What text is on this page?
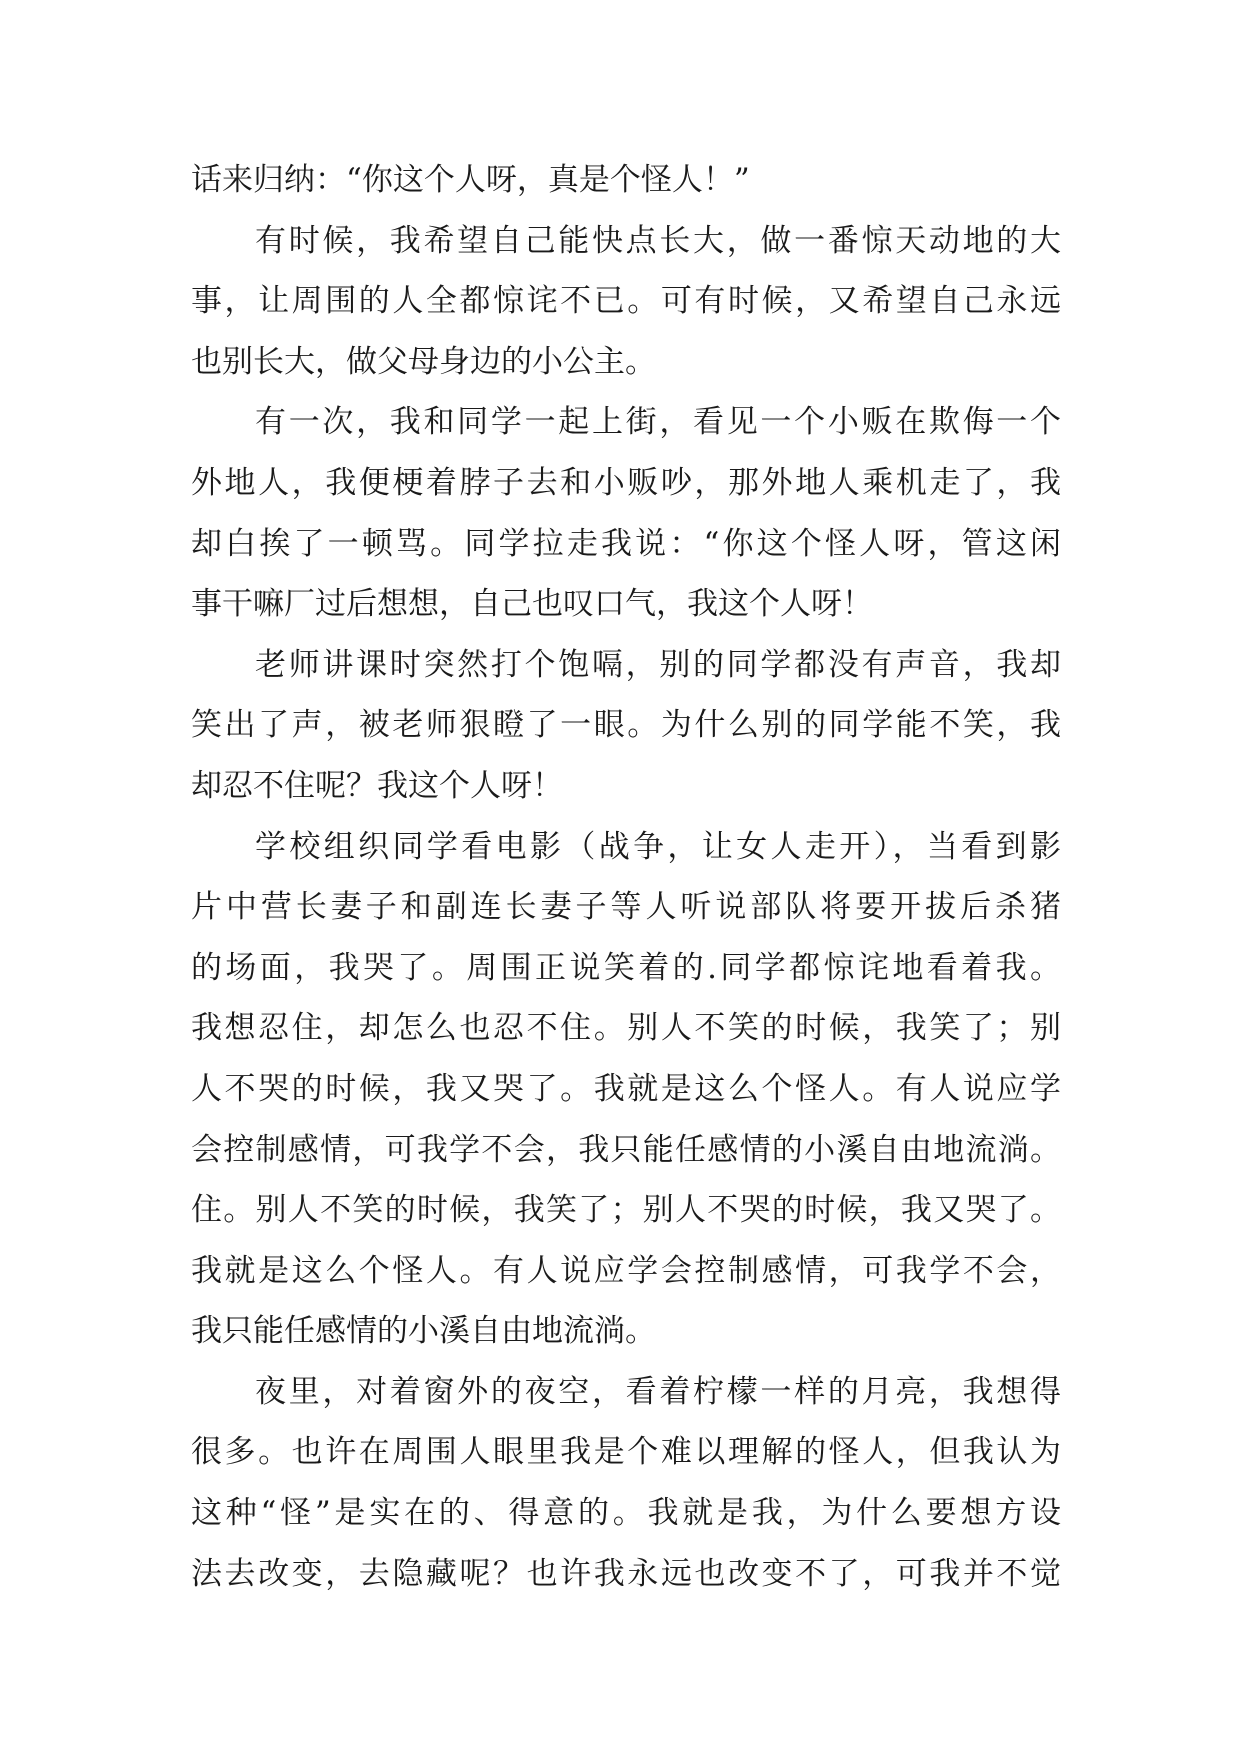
话来归纳：“你这个人呀，真是个怪人！”
有时候，我希望自己能快点长大，做一番惊天动地的大
事，让周围的人全都惊诧不已。可有时候，又希望自己永远
也别长大，做父母身边的小公主。
有一次，我和同学一起上街，看见一个小贩在欺侮一个
外地人，我便梗着脖子去和小贩吵，那外地人乘机走了，我
却白挨了一顿骂。同学拉走我说：“你这个怪人呀，管这闲
事干嘛厂过后想想，自己也叹口气，我这个人呀！
老师讲课时突然打个饱嗝，别的同学都没有声音，我却
笑出了声，被老师狠瞪了一眼。为什么别的同学能不笑，我
却忍不住呢？我这个人呀！
学校组织同学看电影（战争，让女人走开），当看到影
片中营长妻子和副连长妻子等人听说部队将要开拔后杀猪
的场面，我哭了。周围正说笑着的.同学都惊诧地看着我。
我想忍住，却怎么也忍不住。别人不笑的时候，我笑了；别
人不哭的时候，我又哭了。我就是这么个怪人。有人说应学
会控制感情，可我学不会，我只能任感情的小溪自由地流淌。
住。别人不笑的时候，我笑了；别人不哭的时候，我又哭了。
我就是这么个怪人。有人说应学会控制感情，可我学不会，
我只能任感情的小溪自由地流淌。
夜里，对着窗外的夜空，看着柠檬一样的月亮，我想得
很多。也许在周围人眼里我是个难以理解的怪人，但我认为
这种“怪”是实在的、得意的。我就是我，为什么要想方设
法去改变，去隐藏呢？也许我永远也改变不了，可我并不觉
